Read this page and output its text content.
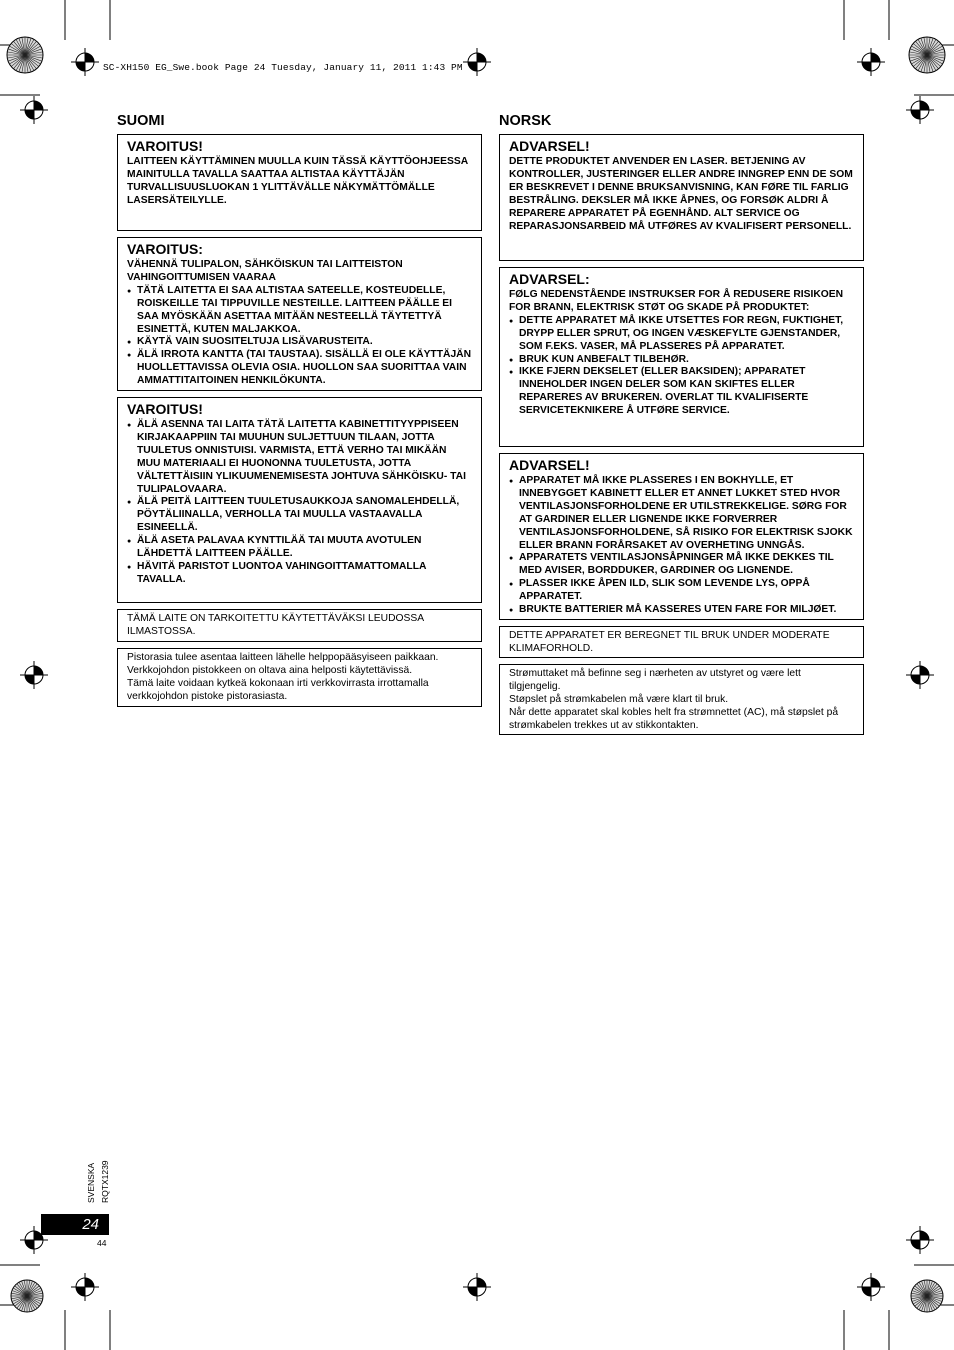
SC-XH150 EG_Swe.book Page 24 Tuesday, January 11, 2011 1:43 PM
SUOMI
VAROITUS!

LAITTEEN KÄYTTÄMINEN MUULLA KUIN TÄSSÄ KÄYTTÖOHJEESSA MAINITULLA TAVALLA SAATTAA ALTISTAA KÄYTTÄJÄN TURVALLISUUSLUOKAN 1 YLITTÄVÄLLE NÄKYMÄTTÖMÄLLE LASERSÄTEILYLLE.

VAROITUS:

VÄHENNÄ TULIPALON, SÄHKÖISKUN TAI LAITTEISTON VAHINGOITTUMISEN VAARAA

● TÄTÄ LAITETTA EI SAA ALTISTAA SATEELLE, KOSTEUDELLE, ROISKEILLE TAI TIPPUVILLE NESTEILLE. LAITTEEN PÄÄLLE EI SAA MYÖSKÄÄN ASETTAA MITÄÄN NESTEELLÄ TÄYTETTYÄ ESINETTÄ, KUTEN MALJAKKOA.
● KÄYTÄ VAIN SUOSITELTUJA LISÄVARUSTEITA.
● ÄLÄ IRROTA KANTTA (TAI TAUSTAA). SISÄLLÄ EI OLE KÄYTTÄJÄN HUOLLETTAVISSA OLEVIA OSIA. HUOLLON SAA SUORITTAA VAIN AMMATTITAITOINEN HENKILÖKUNTA.
VAROITUS!
● ÄLÄ ASENNA TAI LAITA TÄTÄ LAITETTA KABINETTITYYPPISEEN KIRJAKAAPPIIN TAI MUUHUN SULJETTUUN TILAAN, JOTTA TUULETUS ONNISTUISI. VARMISTA, ETTÄ VERHO TAI MIKÄÄN MUU MATERIAALI EI HUONONNA TUULETUSTA, JOTTA VÄLTETTÄISIIN YLIKUUMENEMISESTA JOHTUVA SÄHKÖISKU- TAI TULIPALOVAARA.
● ÄLÄ PEITÄ LAITTEEN TUULETUSAUKKOJA SANOMALEHDELLÄ, PÖYTÄLIINALLA, VERHOLLA TAI MUULLA VASTAAVALLA ESINEELLÄ.
● ÄLÄ ASETA PALAVAA KYNTTILÄÄ TAI MUUTA AVOTULEN LÄHDETTÄ LAITTEEN PÄÄLLE.
● HÄVITÄ PARISTOT LUONTOA VAHINGOITTAMATTOMALLA TAVALLA.

TÄMÄ LAITE ON TARKOITETTU KÄYTETTÄVÄKSI LEUDOSSA ILMASTOSSA.

Pistorasia tulee asentaa laitteen lähelle helppopääsyiseen paikkaan.

Verkkojohdon pistokkeen on oltava aina helposti käytettävissä.

Tämä laite voidaan kytkeä kokonaan irti verkkovirrasta irrottamalla verkkojohdon pistoke pistorasiasta.

NORSK
ADVARSEL!

DETTE PRODUKTET ANVENDER EN LASER. BETJENING AV KONTROLLER, JUSTERINGER ELLER ANDRE INNGREP ENN DE SOM ER BESKREVET I DENNE BRUKSANVISNING, KAN FØRE TIL FARLIG BESTRÅLING. DEKSLER MÅ IKKE ÅPNES, OG FORSØK ALDRI Å REPARERE APPARATET PÅ EGENHÅND. ALT SERVICE OG REPARASJONSARBEID MÅ UTFØRES AV KVALIFISERT PERSONELL.

ADVARSEL:

FØLG NEDENSTÅENDE INSTRUKSER FOR Å REDUSERE RISIKOEN FOR BRANN, ELEKTRISK STØT OG SKADE PÅ PRODUKTET:

● DETTE APPARATET MÅ IKKE UTSETTES FOR REGN, FUKTIGHET, DRYPP ELLER SPRUT, OG INGEN VÆSKEFYLTE GJENSTANDER, SOM F.EKS. VASER, MÅ PLASSERES PÅ APPARATET.
● BRUK KUN ANBEFALT TILBEHØR.
● IKKE FJERN DEKSELET (ELLER BAKSIDEN); APPARATET INNEHOLDER INGEN DELER SOM KAN SKIFTES ELLER REPARERES AV BRUKEREN. OVERLAT TIL KVALIFISERTE SERVICETEKNIKERE Å UTFØRE SERVICE.
ADVARSEL!
● APPARATET MÅ IKKE PLASSERES I EN BOKHYLLE, ET INNEBYGGET KABINETT ELLER ET ANNET LUKKET STED HVOR VENTILASJONSFORHOLDENE ER UTILSTREKKELIGE. SØRG FOR AT GARDINER ELLER LIGNENDE IKKE FORVERRER VENTILASJONSFORHOLDENE, SÅ RISIKO FOR ELEKTRISK SJOKK ELLER BRANN FORÅRSAKET AV OVERHETING UNNGÅS.
● APPARATETS VENTILASJONSÅPNINGER MÅ IKKE DEKKES TIL MED AVISER, BORDDUKER, GARDINER OG LIGNENDE.
● PLASSER IKKE ÅPEN ILD, SLIK SOM LEVENDE LYS, OPPÅ APPARATET.
● BRUKTE BATTERIER MÅ KASSERES UTEN FARE FOR MILJØET.

DETTE APPARATET ER BEREGNET TIL BRUK UNDER MODERATE KLIMAFORHOLD.

Strømuttaket må befinne seg i nærheten av utstyret og være lett tilgjengelig.

Støpslet på strømkabelen må være klart til bruk.

Når dette apparatet skal kobles helt fra strømnettet (AC), må støpslet på strømkabelen trekkes ut av stikkontakten.

SVENSKA RQTX1239
24
44
